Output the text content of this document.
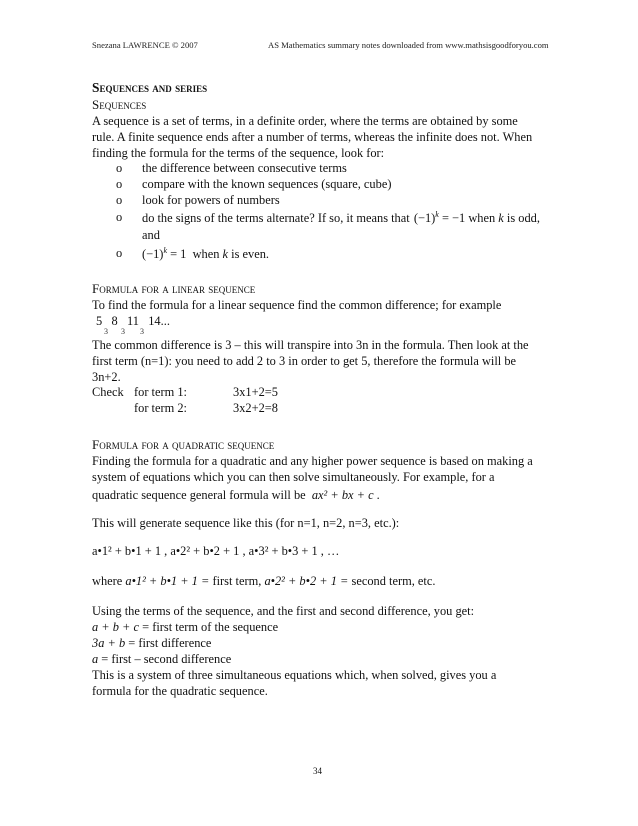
Snezana LAWRENCE © 2007	AS Mathematics summary notes downloaded from www.mathsisgoodforyou.com
Sequences and series
Sequences
A sequence is a set of terms, in a definite order, where the terms are obtained by some
rule. A finite sequence ends after a number of terms, whereas the infinite does not. When
finding the formula for the terms of the sequence, look for:
o the difference between consecutive terms
o compare with the known sequences (square, cube)
o look for powers of numbers
o do the signs of the terms alternate? If so, it means that   $(-1)^k = -1$ when k is odd,
and
o $(-1)^k = 1$ when k is even.
Formula for a linear sequence
To find the formula for a linear sequence find the common difference; for example
5 8 11 14...
3 3 3
The common difference is 3 – this will transpire into 3n in the formula. Then look at the
first term (n=1): you need to add 2 to 3 in order to get 5, therefore the formula will be
3n+2.
Check for term 1:	3x1+2=5
for term 2:	3x2+2=8
Formula for a quadratic sequence
Finding the formula for a quadratic and any higher power sequence is based on making a
system of equations which you can then solve simultaneously. For example, for a
quadratic sequence general formula will be ax² + bx + c .
This will generate sequence like this (for n=1, n=2, n=3, etc.):
a•1² + b•1 + 1 , a•2² + b•2 + 1 , a•3² + b•3 + 1 , …
where a•1² + b•1 + 1 = first term, a•2² + b•2 + 1 = second term, etc.
Using the terms of the sequence, and the first and second difference, you get:
a + b + c = first term of the sequence
3a + b = first difference
a = first – second difference
This is a system of three simultaneous equations which, when solved, gives you a
formula for the quadratic sequence.
34
